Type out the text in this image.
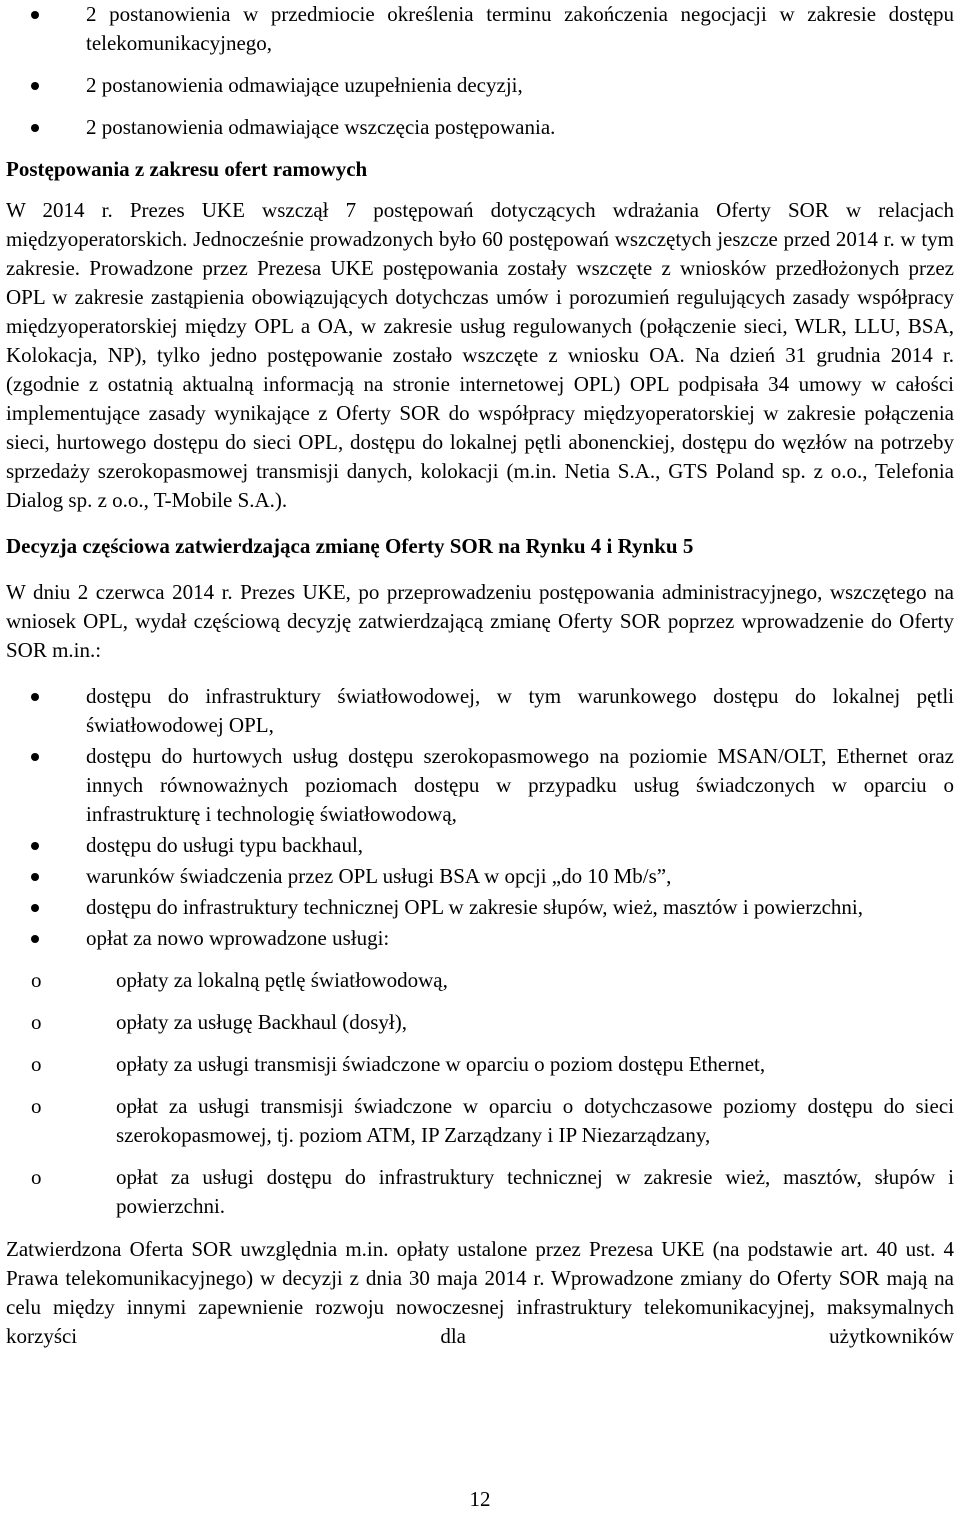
2 postanowienia w przedmiocie określenia terminu zakończenia negocjacji w zakresie dostępu telekomunikacyjnego,
2 postanowienia odmawiające uzupełnienia decyzji,
2 postanowienia odmawiające wszczęcia postępowania.
Postępowania z zakresu ofert ramowych

W 2014 r. Prezes UKE wszczął 7 postępowań dotyczących wdrażania Oferty SOR w relacjach międzyoperatorskich. Jednocześnie prowadzonych było 60 postępowań wszczętych jeszcze przed 2014 r. w tym zakresie. Prowadzone przez Prezesa UKE postępowania zostały wszczęte z wniosków przedłożonych przez OPL w zakresie zastąpienia obowiązujących dotychczas umów i porozumień regulujących zasady współpracy międzyoperatorskiej między OPL a OA, w zakresie usług regulowanych (połączenie sieci, WLR, LLU, BSA, Kolokacja, NP), tylko jedno postępowanie zostało wszczęte z wniosku OA. Na dzień 31 grudnia 2014 r. (zgodnie z ostatnią aktualną informacją na stronie internetowej OPL) OPL podpisała 34 umowy w całości implementujące zasady wynikające z Oferty SOR do współpracy międzyoperatorskiej w zakresie połączenia sieci, hurtowego dostępu do sieci OPL, dostępu do lokalnej pętli abonenckiej, dostępu do węzłów na potrzeby sprzedaży szerokopasmowej transmisji danych, kolokacji (m.in. Netia S.A., GTS Poland sp. z o.o., Telefonia Dialog sp. z o.o., T-Mobile S.A.).

Decyzja częściowa zatwierdzająca zmianę Oferty SOR na Rynku 4 i Rynku 5

W dniu 2 czerwca 2014 r. Prezes UKE, po przeprowadzeniu postępowania administracyjnego, wszczętego na wniosek OPL, wydał częściową decyzję zatwierdzającą zmianę Oferty SOR poprzez wprowadzenie do Oferty SOR m.in.:

dostępu do infrastruktury światłowodowej, w tym warunkowego dostępu do lokalnej pętli światłowodowej OPL,
dostępu do hurtowych usług dostępu szerokopasmowego na poziomie MSAN/OLT, Ethernet oraz innych równoważnych poziomach dostępu w przypadku usług świadczonych w oparciu o infrastrukturę i technologię światłowodową,
dostępu do usługi typu backhaul,
warunków świadczenia przez OPL usługi BSA w opcji „do 10 Mb/s”,
dostępu do infrastruktury technicznej OPL w zakresie słupów, wież, masztów i powierzchni,
opłat za nowo wprowadzone usługi:
o opłaty za lokalną pętlę światłowodową,
o opłaty za usługę Backhaul (dosył),
o opłaty za usługi transmisji świadczone w oparciu o poziom dostępu Ethernet,
o opłat za usługi transmisji świadczone w oparciu o dotychczasowe poziomy dostępu do sieci szerokopasmowej, tj. poziom ATM, IP Zarządzany i IP Niezarządzany,
o opłat za usługi dostępu do infrastruktury technicznej w zakresie wież, masztów, słupów i powierzchni.

Zatwierdzona Oferta SOR uwzględnia m.in. opłaty ustalone przez Prezesa UKE (na podstawie art. 40 ust. 4 Prawa telekomunikacyjnego) w decyzji z dnia 30 maja 2014 r. Wprowadzone zmiany do Oferty SOR mają na celu między innymi zapewnienie rozwoju nowoczesnej infrastruktury telekomunikacyjnej, maksymalnych korzyści dla użytkowników

12
